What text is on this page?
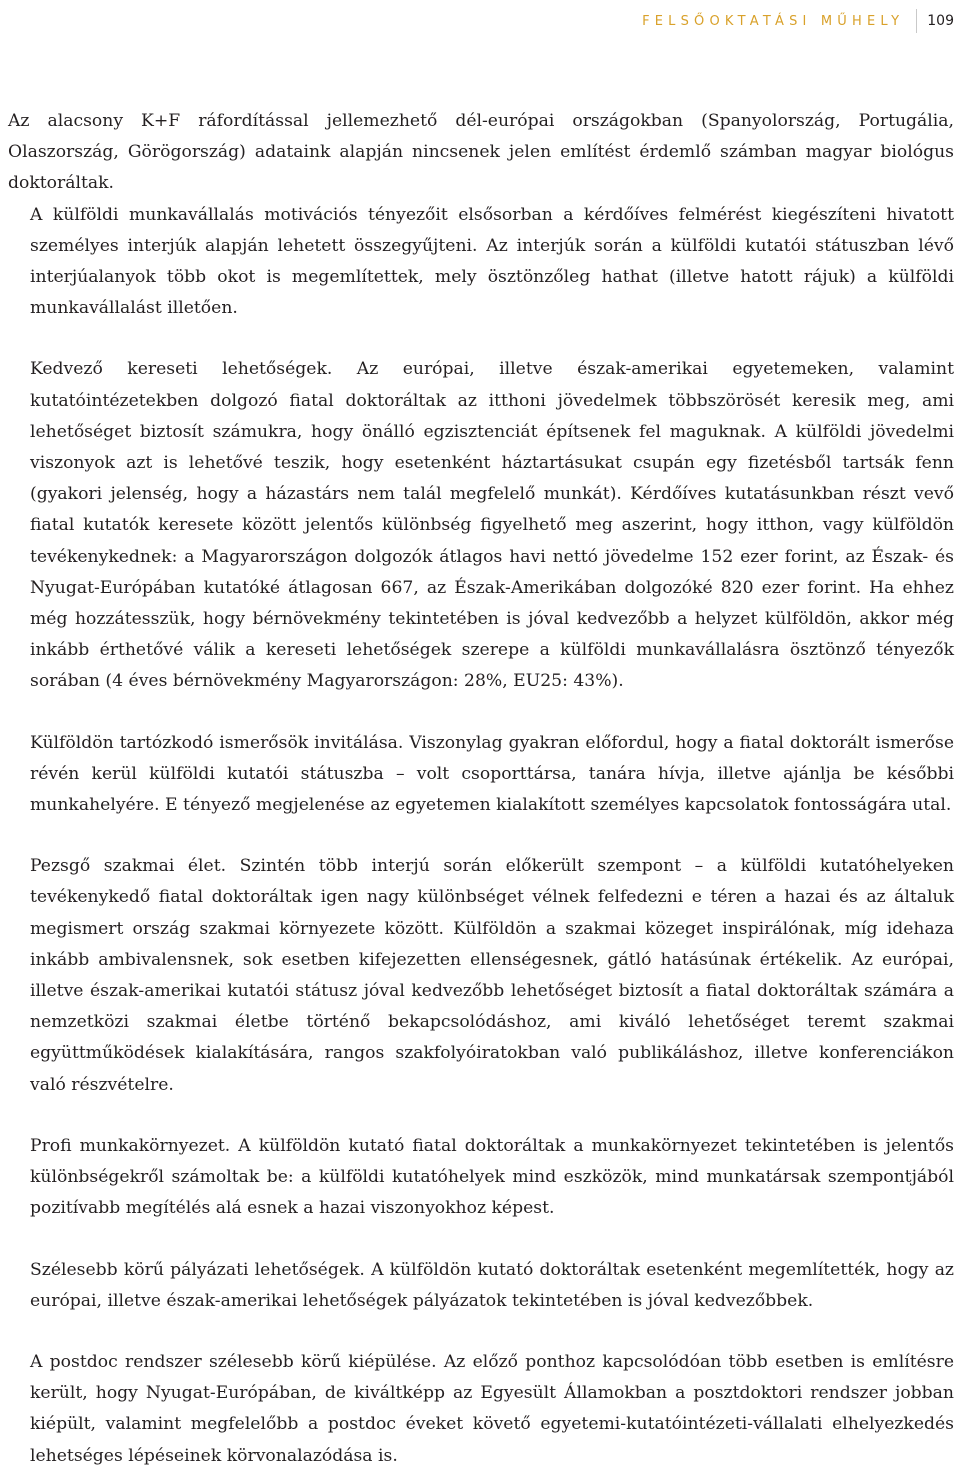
FELSŐOKTATÁSI MŰHELY	109

Az alacsony K+F ráfordítással jellemezhető dél-európai országokban (Spanyolország, Portugália, Olaszország, Görögország) adataink alapján nincsenek jelen említést érdemlő számban magyar biológus doktoráltak.

A külföldi munkavállalás motivációs tényezőit elsősorban a kérdőíves felmérést kiegészíteni hivatott személyes interjúk alapján lehetett összegyűjteni. Az interjúk során a külföldi kutatói státuszban lévő interjúalanyok több okot is megemlítettek, mely ösztönzőleg hathat (illetve hatott rájuk) a külföldi munkavállalást illetően.

Kedvező kereseti lehetőségek. Az európai, illetve észak-amerikai egyetemeken, valamint kutatóintézetekben dolgozó fiatal doktoráltak az itthoni jövedelmek többszörösét keresik meg, ami lehetőséget biztosít számukra, hogy önálló egzisztenciát építsenek fel maguknak. A külföldi jövedelmi viszonyok azt is lehetővé teszik, hogy esetenként háztartásukat csupán egy fizetésből tartsák fenn (gyakori jelenség, hogy a házastárs nem talál megfelelő munkát). Kérdőíves kutatásunkban részt vevő fiatal kutatók keresete között jelentős különbség figyelhető meg aszerint, hogy itthon, vagy külföldön tevékenykednek: a Magyarországon dolgozók átlagos havi nettó jövedelme 152 ezer forint, az Észak- és Nyugat-Európában kutatóké átlagosan 667, az Észak-Amerikában dolgozóké 820 ezer forint. Ha ehhez még hozzátesszük, hogy bérnövekmény tekintetében is jóval kedvezőbb a helyzet külföldön, akkor még inkább érthetővé válik a kereseti lehetőségek szerepe a külföldi munkavállalásra ösztönző tényezők sorában (4 éves bérnövekmény Magyarországon: 28%, EU25: 43%).

Külföldön tartózkodó ismerősök invitálása. Viszonylag gyakran előfordul, hogy a fiatal doktorált ismerőse révén kerül külföldi kutatói státuszba – volt csoporttársa, tanára hívja, illetve ajánlja be későbbi munkahelyére. E tényező megjelenése az egyetemen kialakított személyes kapcsolatok fontosságára utal.

Pezsgő szakmai élet. Szintén több interjú során előkerült szempont – a külföldi kutatóhelyeken tevékenykedő fiatal doktoráltak igen nagy különbséget vélnek felfedezni e téren a hazai és az általuk megismert ország szakmai környezete között. Külföldön a szakmai közeget inspirálónak, míg idehaza inkább ambivalensnek, sok esetben kifejezetten ellenségesnek, gátló hatásúnak értékelik. Az európai, illetve észak-amerikai kutatói státusz jóval kedvezőbb lehetőséget biztosít a fiatal doktoráltak számára a nemzetközi szakmai életbe történő bekapcsolódáshoz, ami kiváló lehetőséget teremt szakmai együttműködések kialakítására, rangos szakfolyóiratokban való publikáláshoz, illetve konferenciákon való részvételre.

Profi munkakörnyezet. A külföldön kutató fiatal doktoráltak a munkakörnyezet tekintetében is jelentős különbségekről számoltak be: a külföldi kutatóhelyek mind eszközök, mind munkatársak szempontjából pozitívabb megítélés alá esnek a hazai viszonyokhoz képest.

Szélesebb körű pályázati lehetőségek. A külföldön kutató doktoráltak esetenként megemlítették, hogy az európai, illetve észak-amerikai lehetőségek pályázatok tekintetében is jóval kedvezőbbek.

A postdoc rendszer szélesebb körű kiépülése. Az előző ponthoz kapcsolódóan több esetben is említésre került, hogy Nyugat-Európában, de kiváltképp az Egyesült Államokban a posztdoktori rendszer jobban kiépült, valamint megfelelőbb a postdoc éveket követő egyetemi-kutatóintézeti-vállalati elhelyezkedés lehetséges lépéseinek körvonalazódása is.
